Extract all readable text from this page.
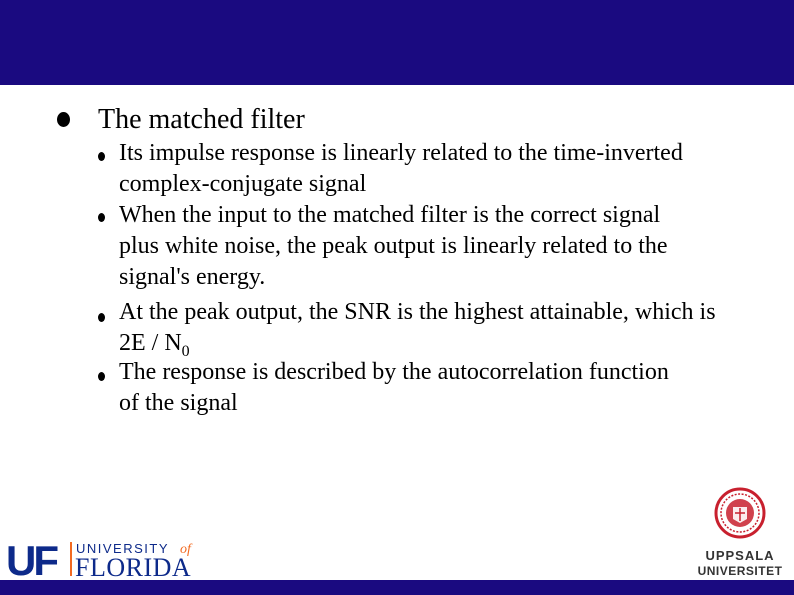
The matched filter
Its impulse response is linearly related to the time-inverted complex-conjugate signal
When the input to the matched filter is the correct signal plus white noise, the peak output is linearly related to the signal's energy.
At the peak output, the SNR is the highest attainable, which is $2E / N_0$
The response is described by the autocorrelation function of the signal
UF UNIVERSITY of
FLORIDA	UPPSALA
UNIVERSITET
